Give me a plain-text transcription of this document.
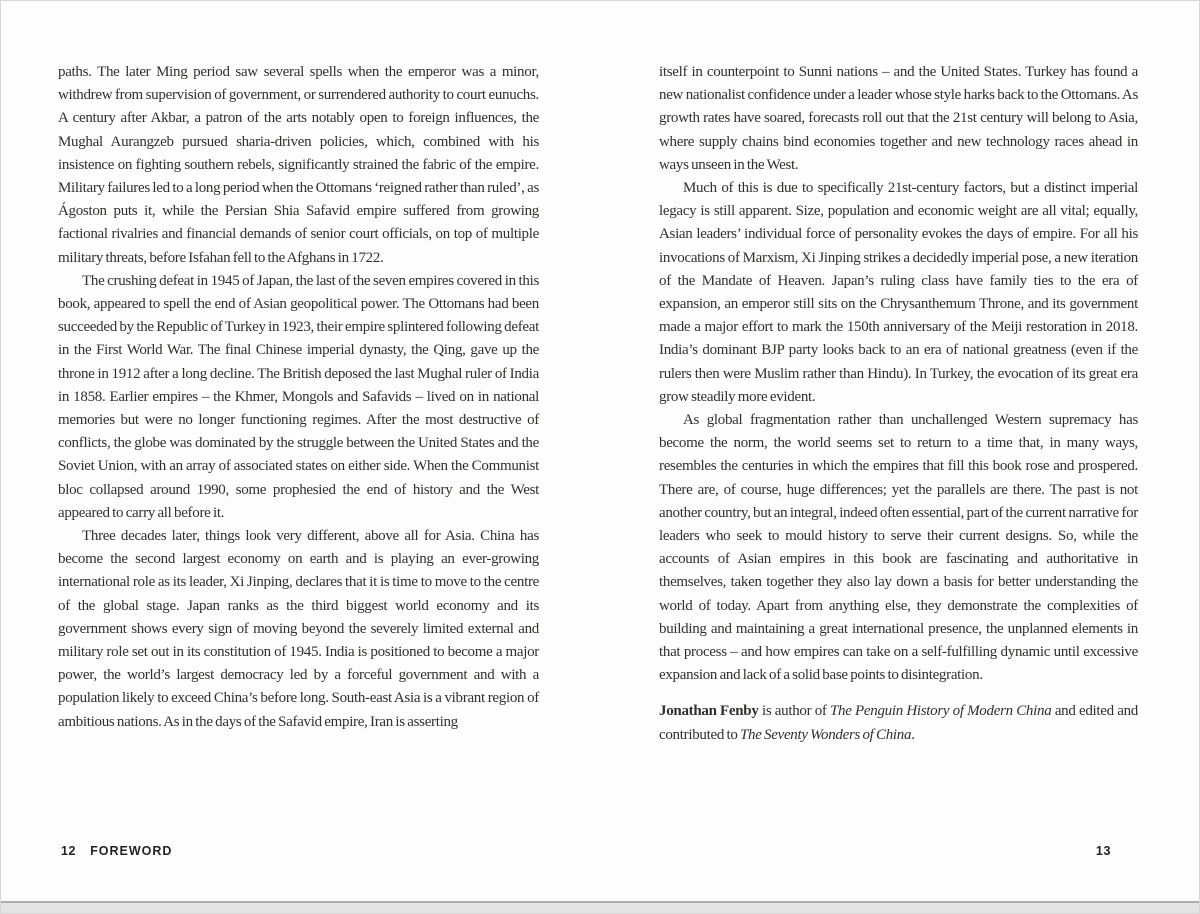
paths. The later Ming period saw several spells when the emperor was a minor, withdrew from supervision of government, or surrendered authority to court eunuchs. A century after Akbar, a patron of the arts notably open to foreign influences, the Mughal Aurangzeb pursued sharia-driven policies, which, combined with his insistence on fighting southern rebels, significantly strained the fabric of the empire. Military failures led to a long period when the Ottomans ‘reigned rather than ruled’, as Ágoston puts it, while the Persian Shia Safavid empire suffered from growing factional rivalries and financial demands of senior court officials, on top of multiple military threats, before Isfahan fell to the Afghans in 1722.

The crushing defeat in 1945 of Japan, the last of the seven empires covered in this book, appeared to spell the end of Asian geopolitical power. The Ottomans had been succeeded by the Republic of Turkey in 1923, their empire splintered following defeat in the First World War. The final Chinese imperial dynasty, the Qing, gave up the throne in 1912 after a long decline. The British deposed the last Mughal ruler of India in 1858. Earlier empires – the Khmer, Mongols and Safavids – lived on in national memories but were no longer functioning regimes. After the most destructive of conflicts, the globe was dominated by the struggle between the United States and the Soviet Union, with an array of associated states on either side. When the Communist bloc collapsed around 1990, some prophesied the end of history and the West appeared to carry all before it.

Three decades later, things look very different, above all for Asia. China has become the second largest economy on earth and is playing an ever-growing international role as its leader, Xi Jinping, declares that it is time to move to the centre of the global stage. Japan ranks as the third biggest world economy and its government shows every sign of moving beyond the severely limited external and military role set out in its constitution of 1945. India is positioned to become a major power, the world’s largest democracy led by a forceful government and with a population likely to exceed China’s before long. South-east Asia is a vibrant region of ambitious nations. As in the days of the Safavid empire, Iran is asserting

12 FOREWORD

itself in counterpoint to Sunni nations – and the United States. Turkey has found a new nationalist confidence under a leader whose style harks back to the Ottomans. As growth rates have soared, forecasts roll out that the 21st century will belong to Asia, where supply chains bind economies together and new technology races ahead in ways unseen in the West.

Much of this is due to specifically 21st-century factors, but a distinct imperial legacy is still apparent. Size, population and economic weight are all vital; equally, Asian leaders’ individual force of personality evokes the days of empire. For all his invocations of Marxism, Xi Jinping strikes a decidedly imperial pose, a new iteration of the Mandate of Heaven. Japan’s ruling class have family ties to the era of expansion, an emperor still sits on the Chrysanthemum Throne, and its government made a major effort to mark the 150th anniversary of the Meiji restoration in 2018. India’s dominant BJP party looks back to an era of national greatness (even if the rulers then were Muslim rather than Hindu). In Turkey, the evocation of its great era grow steadily more evident.

As global fragmentation rather than unchallenged Western supremacy has become the norm, the world seems set to return to a time that, in many ways, resembles the centuries in which the empires that fill this book rose and prospered. There are, of course, huge differences; yet the parallels are there. The past is not another country, but an integral, indeed often essential, part of the current narrative for leaders who seek to mould history to serve their current designs. So, while the accounts of Asian empires in this book are fascinating and authoritative in themselves, taken together they also lay down a basis for better understanding the world of today. Apart from anything else, they demonstrate the complexities of building and maintaining a great international presence, the unplanned elements in that process – and how empires can take on a self-fulfilling dynamic until excessive expansion and lack of a solid base points to disintegration.

Jonathan Fenby is author of The Penguin History of Modern China and edited and contributed to The Seventy Wonders of China.

13
